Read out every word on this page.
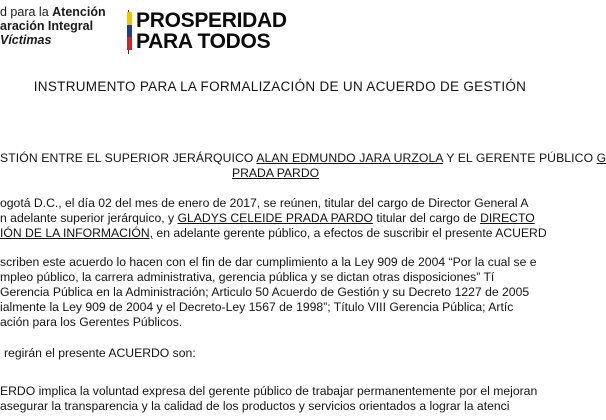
d para la Atención
aración Integral
Víctimas
PROSPERIDAD
PARA TODOS
INSTRUMENTO PARA LA FORMALIZACIÓN DE UN ACUERDO DE GESTIÓN
STIÓN ENTRE EL SUPERIOR JERÁRQUICO ALAN EDMUNDO JARA URZOLA Y EL GERENTE PÚBLICO G
PRADA PARDO
ogotá D.C., el día 02 del mes de enero de 2017, se reúnen, titular del cargo de Director General A
n adelante superior jerárquico, y GLADYS CELEIDE PRADA PARDO titular del cargo de DIRECTO
IÓN DE LA INFORMACIÓN, en adelante gerente público, a efectos de suscribir el presente ACUERD
scriben este acuerdo lo hacen con el fin de dar cumplimiento a la Ley 909 de 2004 “Por la cual se e
mpleo público, la carrera administrativa, gerencia pública y se dictan otras disposiciones” Tí
Gerencia Pública en la Administración; Articulo 50 Acuerdo de Gestión y su Decreto 1227 de 2005
ialmente la Ley 909 de 2004 y el Decreto-Ley 1567 de 1998”; Título VIII Gerencia Pública; Artíc
ación para los Gerentes Públicos.
regirán el presente ACUERDO son:
ERDO implica la voluntad expresa del gerente público de trabajar permanentemente por el mejoran
asegurar la transparencia y la calidad de los productos y servicios orientados a lograr la atenci
